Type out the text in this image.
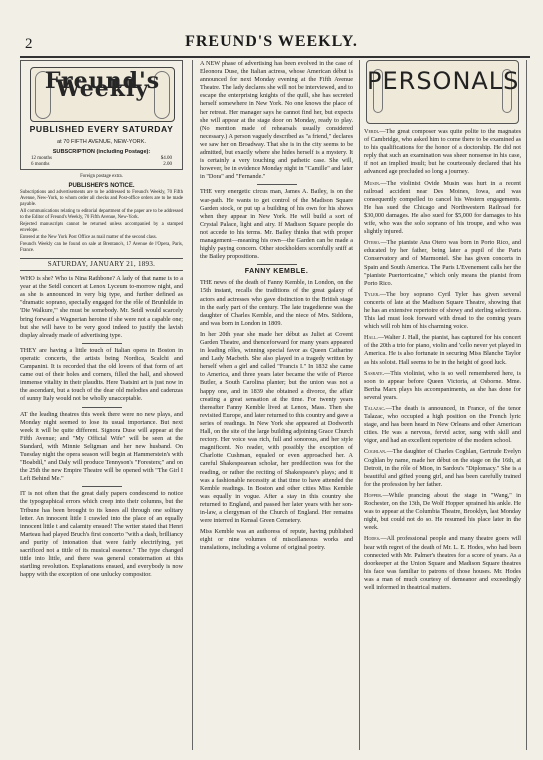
2	FREUND'S WEEKLY.
Freund's Weekly
PUBLISHED EVERY SATURDAY
at 70 FIFTH AVENUE, NEW-YORK.
SUBSCRIPTION (including Postage):
12 months	$4.00
6 months	2.00
Foreign postage extra.
PUBLISHER'S NOTICE.
Subscriptions and advertisements are to be addressed to Freund's Weekly, 70 Fifth Avenue, New-York, to whom order all checks and Post-office orders are to be made payable.
All communications relating to editorial department of the paper are to be addressed to the Editor of Freund's Weekly, 70 Fifth Avenue, New-York.
Rejected manuscripts cannot be returned unless accompanied by a stamped envelope.
Entered at the New York Post Office as mail matter of the second class.
Freund's Weekly can be found on sale at Brentano's, 17 Avenue de l'Opera, Paris, France.
SATURDAY, JANUARY 21, 1893.

WHO is she? Who is Nina Rathbone? A lady of that name is to a year at the Seidl concert at Lenox Lyceum to-morrow night, and as she is announced in very big type, and further defined as "dramatic soprano, specially engaged for the rôle of Brunhilde in 'Die Walkure,'" she must be somebody. Mr. Seidl would scarcely bring forward a Wagnerian heroine if she were not a capable one; but she will have to be very good indeed to justify the lavish display already made of advertising type.

THEY are having a little touch of Italian opera in Boston in operatic concerts, the artists being Nordica, Scalchi and Campanini. It is recorded that the old lovers of that form of art came out of their holes and corners, filled the hall, and showed immense vitality in their plaudits. Here Tsatsini art is just now in the ascendant, but a touch of the dear old melodies and cadenzas of sunny Italy would not be wholly unacceptable.

AT the leading theatres this week there were no new plays, and Monday night seemed to lose its usual importance. But next week it will be quite different. Signora Duse will appear at the Fifth Avenue; and "My Official Wife" will be seen at the Standard, with Minnie Seligman and her new husband. On Tuesday night the opera season will begin at Hammerstein's with "Boabdil," and Daly will produce Tennyson's "Foresters;" and on the 25th the new Empire Theatre will be opened with "The Girl I Left Behind Me."

IT is not often that the great daily papers condescend to notice the typographical errors which creep into their columns, but the Tribune has been brought to its knees all through one solitary letter. An innocent little I crawled into the place of an equally innocent little t and calamity ensued! The writer stated that Henri Marteau had played Bruch's first concerto "with a dash, brilliancy and purity of intonation that were fairly electrifying, yet sacrificed not a tittle of its musical essence." The type changed tittle into little, and there was general consternation at this startling revolution. Explanations ensued, and everybody is now happy with the exception of one unlucky compositor.

A NEW phase of advertising has been evolved in the case of Eleonora Duse, the Italian actress, whose American début is announced for next Monday evening at the Fifth Avenue Theatre. The lady declares she will not be interviewed, and to escape the enterprising knights of the quill, she has secreted herself somewhere in New York. No one knows the place of her retreat. Her manager says he cannot find her, but expects she will appear at the stage door on Monday, ready to play. (No mention made of rehearsals usually considered necessary.) A person vaguely described as "a friend," declares we saw her on Broadway. That she is in the city seems to be admitted, but exactly where she hides herself is a mystery. It is certainly a very touching and pathetic case. She will, however, be in evidence Monday night in "Camille" and later in "Dora" and "Fernande."

THE very energetic circus man, James A. Bailey, is on the war-path. He wants to get control of the Madison Square Garden stock, or put up a building of his own for his shows when they appear in New York. He will build a sort of Crystal Palace, light and airy. If Madison Square people do not accede to his terms. Mr. Bailey thinks that with proper management—meaning his own—the Garden can be made a highly paying concern. Other stockholders scornfully sniff at the Bailey propositions.

FANNY KEMBLE.

THE news of the death of Fanny Kemble, in London, on the 15th instant, recalls the traditions of the great galaxy of actors and actresses who gave distinction to the British stage in the early part of the century. The late tragedienne was the daughter of Charles Kemble, and the niece of Mrs. Siddons, and was born in London in 1809.

In her 20th year she made her début as Juliet at Covent Garden Theatre, and thenceforward for many years appeared in leading rôles, winning special favor as Queen Catharine and Lady Macbeth. She also played in a tragedy written by herself when a girl and called "Francis I." In 1832 she came to America, and three years later became the wife of Pierce Butler, a South Carolina planter; but the union was not a happy one, and in 1839 she obtained a divorce, the affair creating a great sensation at the time. For twenty years thereafter Fanny Kemble lived at Lenox, Mass. Then she revisited Europe, and later returned to this country and gave a series of readings. In New York she appeared at Dodworth Hall, on the site of the large building adjoining Grace Church rectory. Her voice was rich, full and sonorous, and her style magnificent. No reader, with possibly the exception of Charlotte Cushman, equaled or even approached her. A careful Shakespearean scholar, her predilection was for the reading, or rather the reciting of Shakespeare's plays; and it was a fashionable necessity at that time to have attended the Kemble readings. In Boston and other cities Miss Kemble was equally in vogue. After a stay in this country she returned to England, and passed her later years with her son-in-law, a clergyman of the Church of England. Her remains were interred in Kensal Green Cemetery.

Miss Kemble was an authoress of repute, having published eight or nine volumes of miscellaneous works and translations, including a volume of original poetry.

PERSONALS

Verdi.—The great composer was quite polite to the magnates of Cambridge, who asked him to come there to be examined as to his qualifications for the honor of a doctorship. He did not reply that such an examination was sheer nonsense in his case, if not an implied insult; but he courteously declared that his advanced age precluded so long a journey.

Musin.—The violinist Ovide Musin was hurt in a recent railroad accident near Des Moines, Iowa, and was consequently compelled to cancel his Western engagements. He has sued the Chicago and Northwestern Railroad for $30,000 damages. He also sued for $5,000 for damages to his wife, who was the solo soprano of his troupe, and who was slightly injured.

Otero.—The pianiste Ana Otero was born in Porto Rico, and educated by her father, being later a pupil of the Paris Conservatory and of Marmontel. She has given concerts in Spain and South America. The Paris L'Evenement calls her the "pianiste Puertorricaine," which only means the pianist from Porto Rico.

Tyler.—The boy soprano Cyril Tyler has given several concerts of late at the Madison Square Theatre, showing that he has an extensive repertoire of showy and sterling selections. This lad must look forward with dread to the coming years which will rob him of his charming voice.

Hall.—Walter J. Hall, the pianist, has captured for his concert of the 20th a trio for piano, violin and 'cello never yet played in America. He is also fortunate in securing Miss Blanche Taylor as his soloist. Hall seems to be in the height of good luck.

Sasrate.—This violinist, who is so well remembered here, is soon to appear before Queen Victoria, at Osborne. Mme. Bertha Marx plays his accompaniments, as she has done for several years.

Talazac.—The death is announced, in France, of the tenor Talazac, who occupied a high position on the French lyric stage, and has been heard in New Orleans and other American cities. He was a nervous, fervid actor, sang with skill and vigor, and had an excellent repertoire of the modern school.

Coghlan.—The daughter of Charles Coghlan, Gertrude Evelyn Coghlan by name, made her début on the stage on the 16th, at Detroit, in the rôle of Mion, in Sardou's "Diplomacy." She is a beautiful and gifted young girl, and has been carefully trained for the profession by her father.

Hopper.—While prancing about the stage in "Wang," in Rochester, on the 13th, De Wolf Hopper sprained his ankle. He was to appear at the Columbia Theatre, Brooklyn, last Monday night, but could not do so. He resumed his place later in the week.

Hodes.—All professional people and many theatre goers will hear with regret of the death of Mr. L. E. Hodes, who had been connected with Mr. Palmer's theatres for a score of years. As a doorkeeper at the Union Square and Madison Square theatres his face was familiar to patrons of those houses. Mr. Hodes was a man of much courtesy of demeanor and exceedingly well informed in theatrical matters.
